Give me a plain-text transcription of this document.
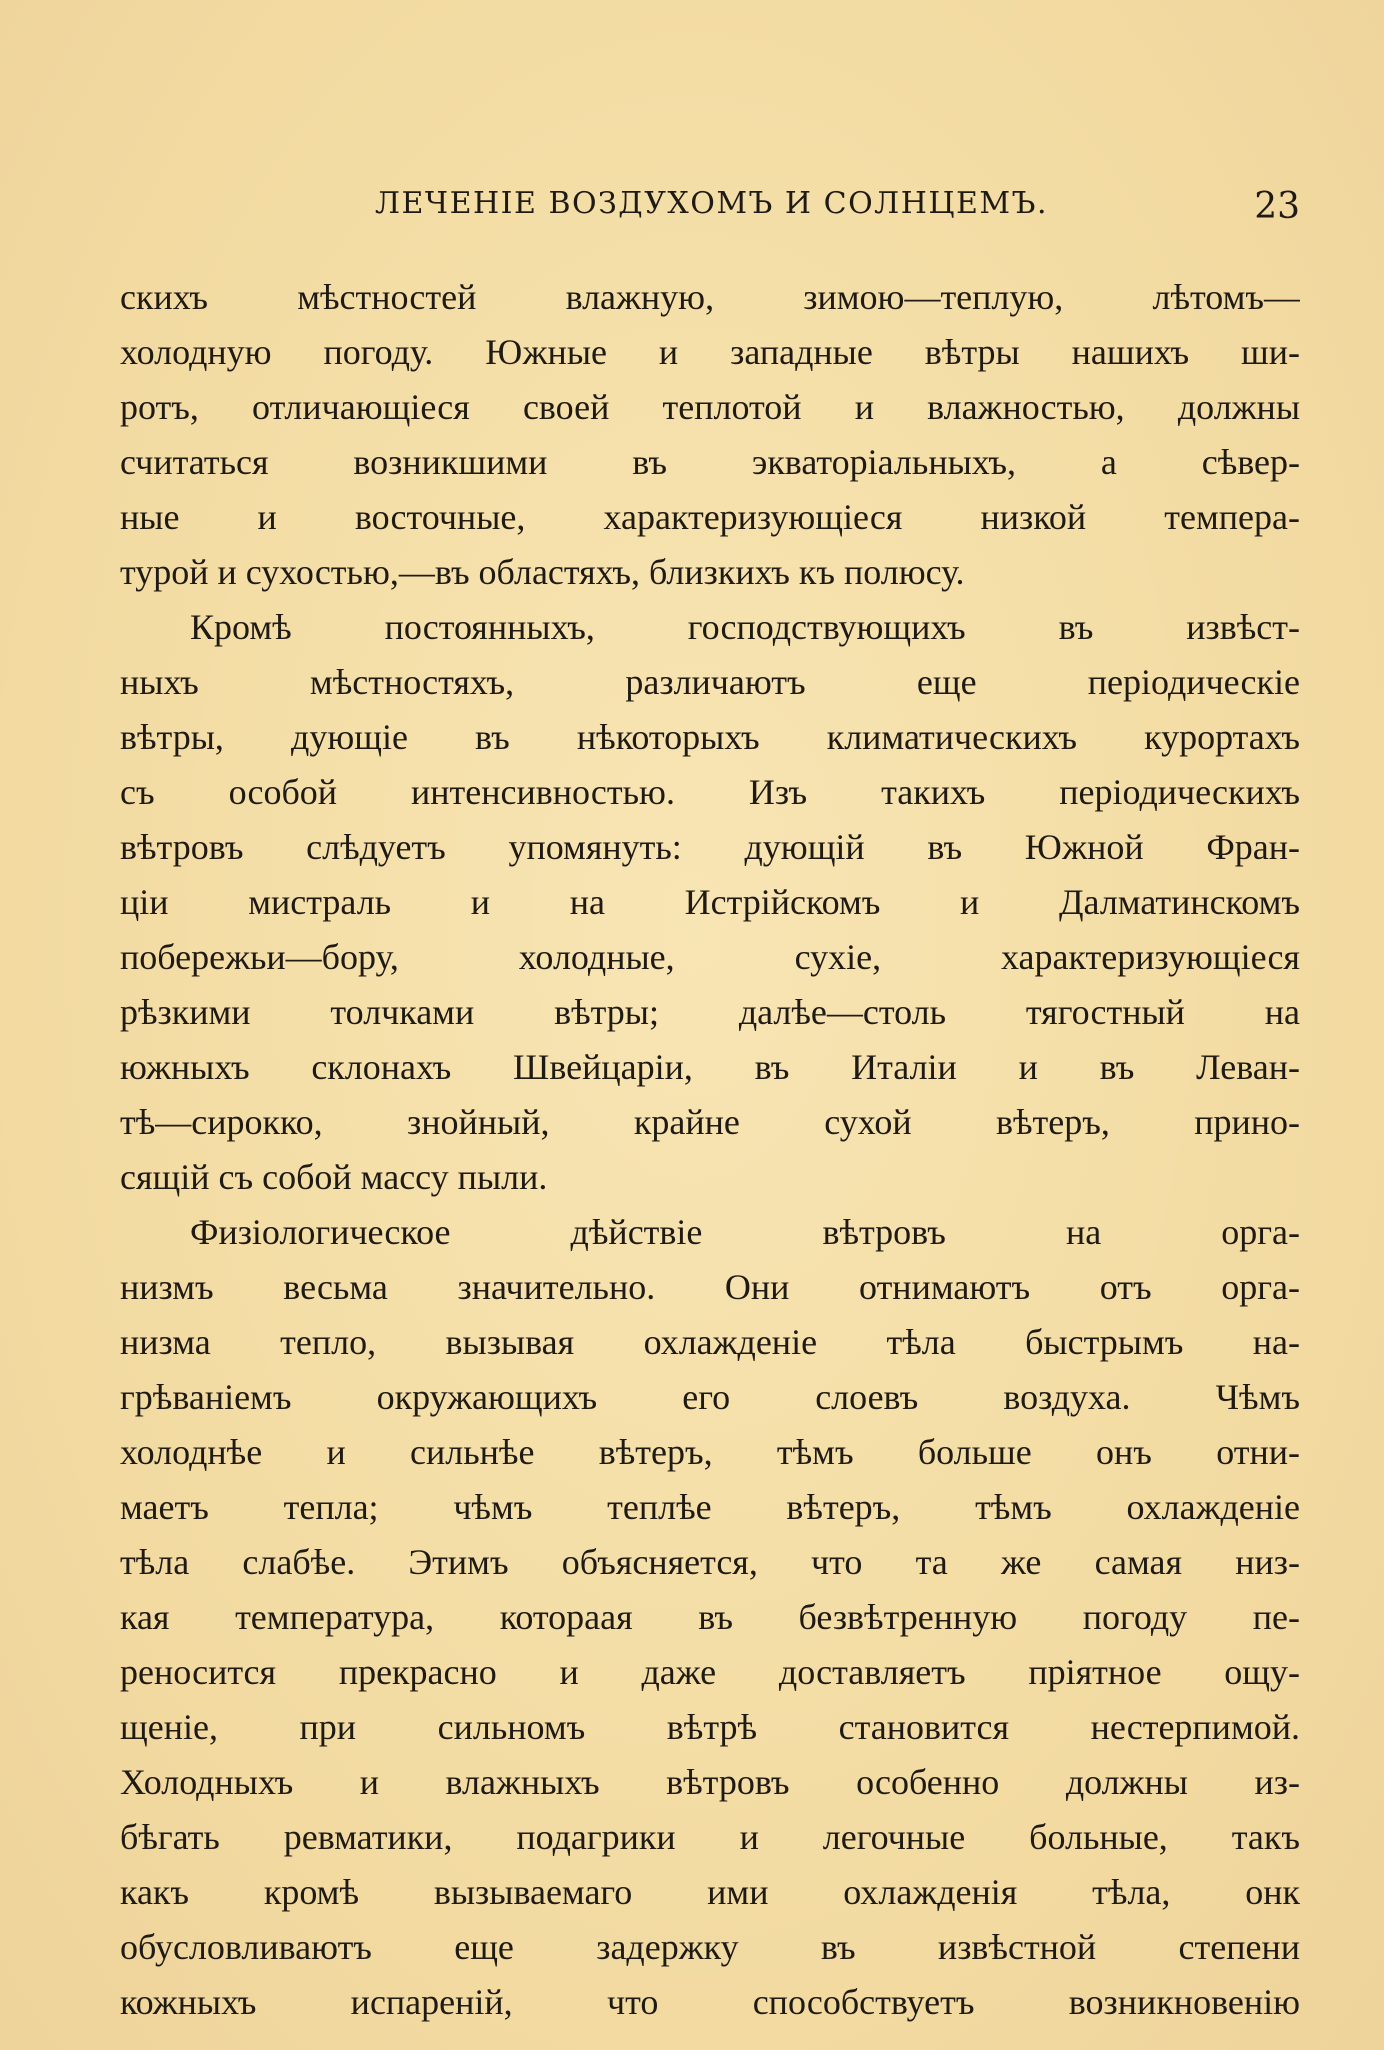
ЛЕЧЕНIЕ ВОЗДУХОМЪ И СОЛНЦЕМЪ.	23
скихъ мѣстностей влажную, зимою—теплую, лѣтомъ—
холодную погоду. Южные и западные вѣтры нашихъ ши-
ротъ, отличающiеся своей теплотой и влажностью, должны
считаться возникшими въ экваторiальныхъ, а сѣвер-
ные и восточные, характеризующiеся низкой темпера-
турой и сухостью,—въ областяхъ, близкихъ къ полюсу.
Кромѣ постоянныхъ, господствующихъ въ извѣст-
ныхъ мѣстностяхъ, различаютъ еще періодическiе
вѣтры, дующiе въ нѣкоторыхъ климатическихъ курортахъ
съ особой интенсивностью. Изъ такихъ періодическихъ
вѣтровъ слѣдуетъ упомянуть: дующiй въ Южной Фран-
цiи мистраль и на Истрiйскомъ и Далматинскомъ
побережьи—бору, холодные, сухiе, характеризующiеся
рѣзкими толчками вѣтры; далѣе—столь тягостный на
южныхъ склонахъ Швейцарiи, въ Италiи и въ Леван-
тѣ—сирокко, знойный, крайне сухой вѣтеръ, прино-
сящiй съ собой массу пыли.
Физiологическое дѣйствiе вѣтровъ на орга-
низмъ весьма значительно. Они отнимаютъ отъ орга-
низма тепло, вызывая охлажденiе тѣла быстрымъ на-
грѣванiемъ окружающихъ его слоевъ воздуха. Чѣмъ
холоднѣе и сильнѣе вѣтеръ, тѣмъ больше онъ отни-
маетъ тепла; чѣмъ теплѣе вѣтеръ, тѣмъ охлажденiе
тѣла слабѣе. Этимъ объясняется, что та же самая низ-
кая температура, котораая въ безвѣтренную погоду пе-
реносится прекрасно и даже доставляетъ прiятное ощу-
щенiе, при сильномъ вѣтрѣ становится нестерпимой.
Холодныхъ и влажныхъ вѣтровъ особенно должны из-
бѣгать ревматики, подагрики и легочные больные, такъ
какъ кромѣ вызываемаго ими охлажденiя тѣла, онк
обусловливаютъ еще задержку въ извѣстной степени
кожныхъ испаренiй, что способствуетъ возникновенiю
